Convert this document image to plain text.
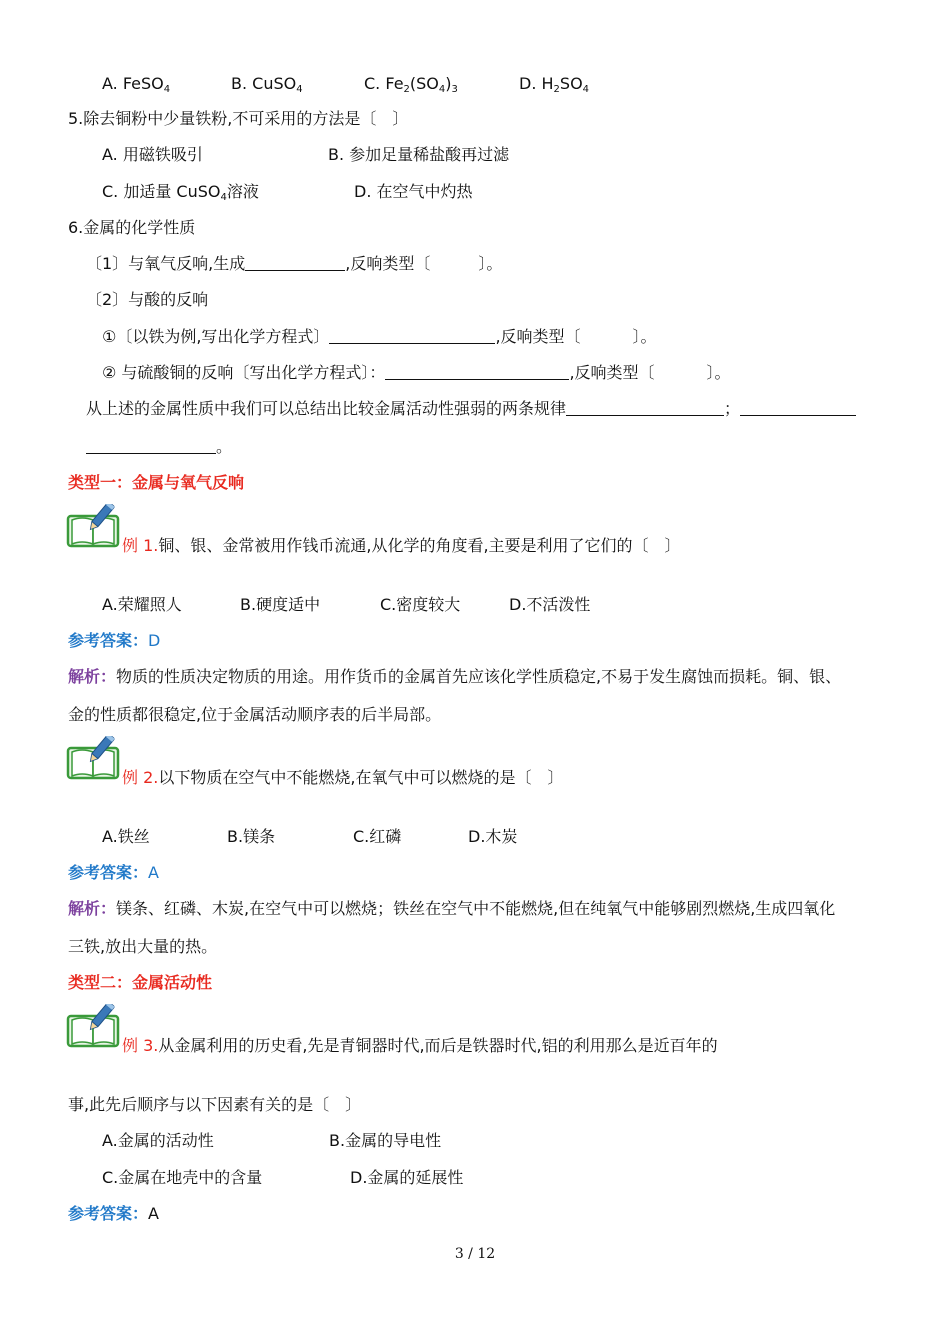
A. FeSO$_4$	B. CuSO$_4$	C. $Fe_2(SO_4)_3$	D. $H_2SO_4$
5.除去铜粉中少量铁粉,不可采用的方法是〔　〕
A. 用磁铁吸引	B. 参加足量稀盐酸再过滤
C. 加适量 CuSO$_4$溶液	D. 在空气中灼热
6.金属的化学性质
〔1〕与氧气反响,生成	,反响类型〔	〕。
〔2〕与酸的反响
①〔以铁为例,写出化学方程式〕	,反响类型〔	〕。
② 与硫酸铜的反响〔写出化学方程式〕：	,反响类型〔	〕。
从上述的金属性质中我们可以总结出比较金属活动性强弱的两条规律	；
。
类型一：金属与氧气反响
例 1.铜、银、金常被用作钱币流通,从化学的角度看,主要是利用了它们的〔　〕
A.荣耀照人	B.硬度适中	C.密度较大	D.不活泼性
参考答案：D
解析：物质的性质决定物质的用途。用作货币的金属首先应该化学性质稳定,不易于发生腐蚀而损耗。铜、银、
金的性质都很稳定,位于金属活动顺序表的后半局部。
例 2.以下物质在空气中不能燃烧,在氧气中可以燃烧的是〔　〕
A.铁丝	B.镁条	C.红磷	D.木炭
参考答案：A
解析：镁条、红磷、木炭,在空气中可以燃烧；铁丝在空气中不能燃烧,但在纯氧气中能够剧烈燃烧,生成四氧化
三铁,放出大量的热。
类型二：金属活动性
例 3.从金属利用的历史看,先是青铜器时代,而后是铁器时代,铝的利用那么是近百年的
事,此先后顺序与以下因素有关的是〔　〕
A.金属的活动性	B.金属的导电性
C.金属在地壳中的含量	D.金属的延展性
参考答案：A
3 / 12
